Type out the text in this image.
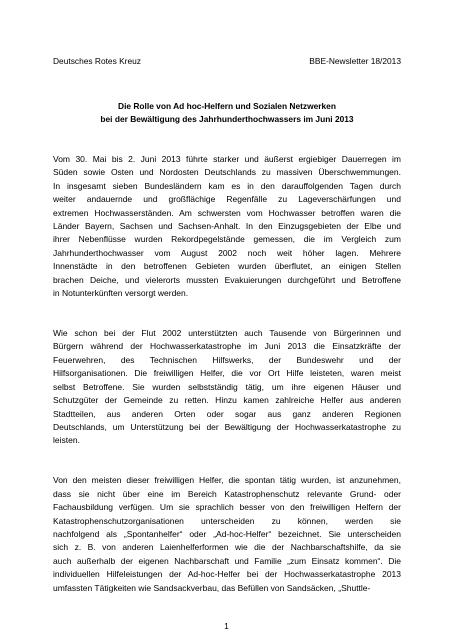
Deutsches Rotes Kreuz	BBE-Newsletter 18/2013
Die Rolle von Ad hoc-Helfern und Sozialen Netzwerken
bei der Bewältigung des Jahrhunderthochwassers im Juni 2013
Vom 30. Mai bis 2. Juni 2013 führte starker und äußerst ergiebiger Dauerregen im
Süden sowie Osten und Nordosten Deutschlands zu massiven Überschwemmungen.
In insgesamt sieben Bundesländern kam es in den darauffolgenden Tagen durch
weiter andauernde und großflächige Regenfälle zu Lageverschärfungen und
extremen Hochwasserständen. Am schwersten vom Hochwasser betroffen waren die
Länder Bayern, Sachsen und Sachsen-Anhalt. In den Einzugsgebieten der Elbe und
ihrer Nebenflüsse wurden Rekordpegelstände gemessen, die im Vergleich zum
Jahrhunderthochwasser vom August 2002 noch weit höher lagen. Mehrere
Innenstädte in den betroffenen Gebieten wurden überflutet, an einigen Stellen
brachen Deiche, und vielerorts mussten Evakuierungen durchgeführt und Betroffene
in Notunterkünften versorgt werden.
Wie schon bei der Flut 2002 unterstützten auch Tausende von Bürgerinnen und
Bürgern während der Hochwasserkatastrophe im Juni 2013 die Einsatzkräfte der
Feuerwehren, des Technischen Hilfswerks, der Bundeswehr und der
Hilfsorganisationen. Die freiwilligen Helfer, die vor Ort Hilfe leisteten, waren meist
selbst Betroffene. Sie wurden selbstständig tätig, um ihre eigenen Häuser und
Schutzgüter der Gemeinde zu retten. Hinzu kamen zahlreiche Helfer aus anderen
Stadtteilen, aus anderen Orten oder sogar aus ganz anderen Regionen
Deutschlands, um Unterstützung bei der Bewältigung der Hochwasserkatastrophe zu
leisten.
Von den meisten dieser freiwilligen Helfer, die spontan tätig wurden, ist anzunehmen,
dass sie nicht über eine im Bereich Katastrophenschutz relevante Grund- oder
Fachausbildung verfügen. Um sie sprachlich besser von den freiwilligen Helfern der
Katastrophenschutzorganisationen unterscheiden zu können, werden sie
nachfolgend als „Spontanhelfer“ oder „Ad-hoc-Helfer“ bezeichnet. Sie unterscheiden
sich z. B. von anderen Laienhelferformen wie die der Nachbarschaftshilfe, da sie
auch außerhalb der eigenen Nachbarschaft und Familie „zum Einsatz kommen“. Die
individuellen Hilfeleistungen der Ad-hoc-Helfer bei der Hochwasserkatastrophe 2013
umfassten Tätigkeiten wie Sandsackverbau, das Befüllen von Sandsäcken, „Shuttle-
1
